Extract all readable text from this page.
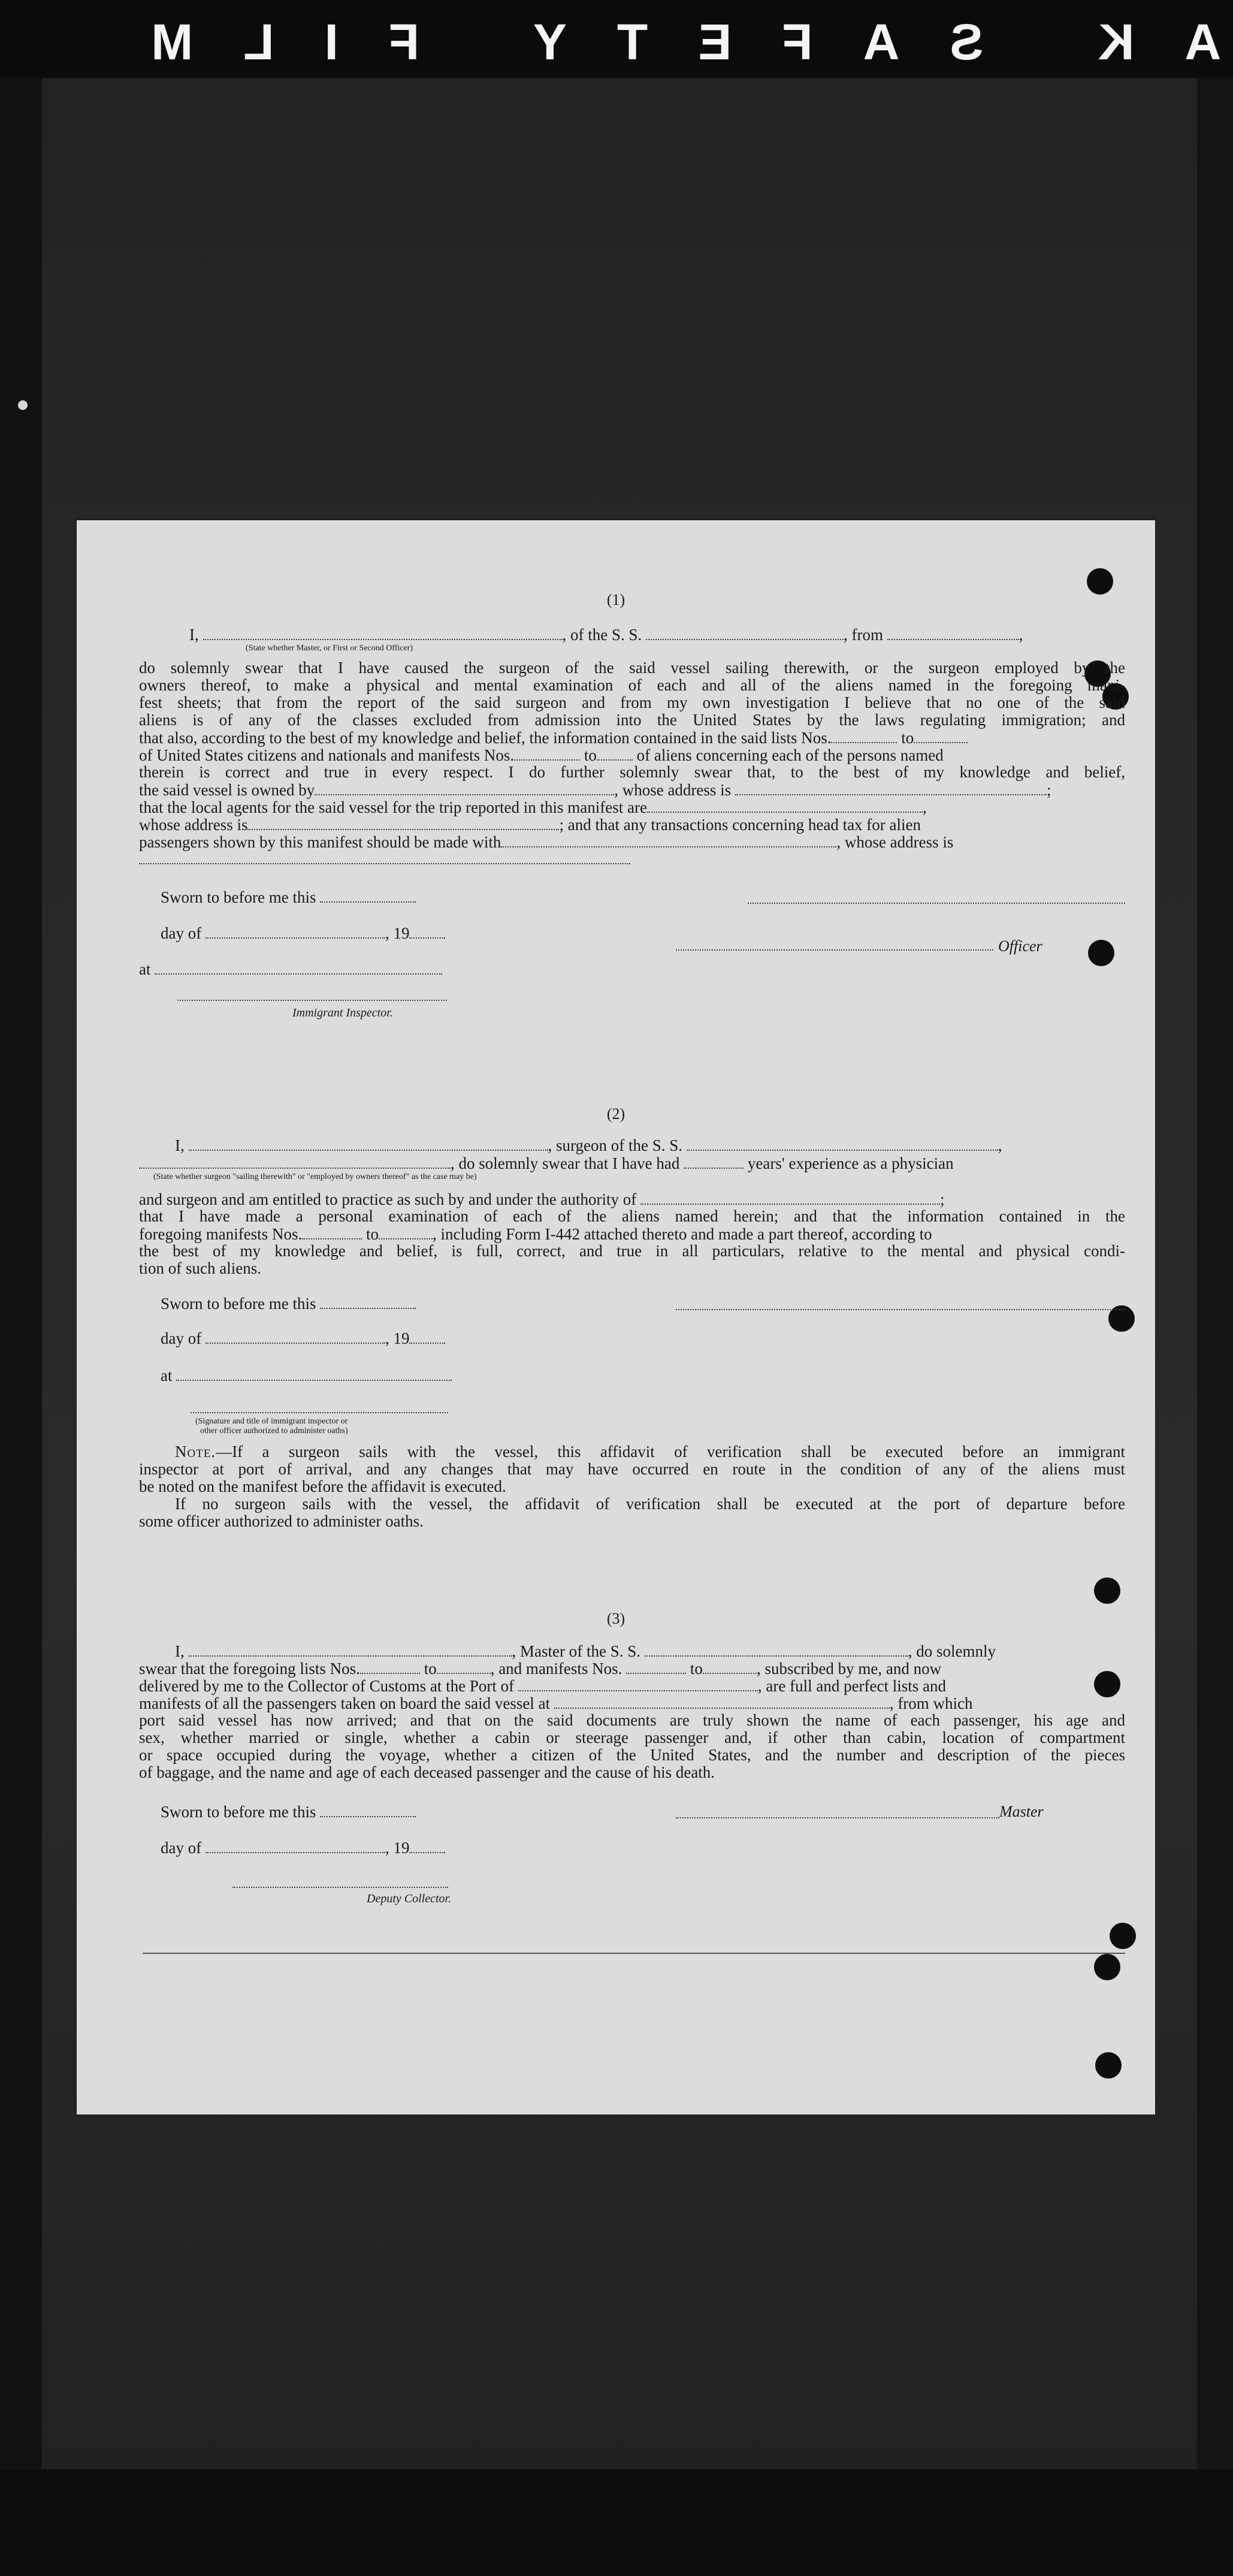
AK SAFETY FILM
(1)
I,	, of the S. S.	, from	,
(State whether Master, or First or Second Officer)
do solemnly swear that I have caused the surgeon of the said vessel sailing therewith, or the surgeon employed by the
owners thereof, to make a physical and mental examination of each and all of the aliens named in the foregoing mani-
fest sheets; that from the report of the said surgeon and from my own investigation I believe that no one of the said
aliens is of any of the classes excluded from admission into the United States by the laws regulating immigration; and
that also, according to the best of my knowledge and belief, the information contained in the said lists Nos.	to
of United States citizens and nationals and manifests Nos.	to of aliens concerning each of the persons named
therein is correct and true in every respect. I do further solemnly swear that, to the best of my knowledge and belief,
the said vessel is owned by	, whose address is	;
that the local agents for the said vessel for the trip reported in this manifest are	,
whose address is	; and that any transactions concerning head tax for alien
passengers shown by this manifest should be made with	, whose address is
Sworn to before me this
day of	, 19
Officer
at
Immigrant Inspector.
(2)
I,	, surgeon of the S. S.	,
, do solemnly swear that I have had	years' experience as a physician
(State whether surgeon "sailing therewith" or "employed by owners thereof" as the case may be)
and surgeon and am entitled to practice as such by and under the authority of	;
that I have made a personal examination of each of the aliens named herein; and that the information contained in the
foregoing manifests Nos.	to	, including Form I-442 attached thereto and made a part thereof, according to
the best of my knowledge and belief, is full, correct, and true in all particulars, relative to the mental and physical condi-
tion of such aliens.
Sworn to before me this
day of	, 19
at
(Signature and title of immigrant inspector or
other officer authorized to administer oaths)
Note.—If a surgeon sails with the vessel, this affidavit of verification shall be executed before an immigrant
inspector at port of arrival, and any changes that may have occurred en route in the condition of any of the aliens must
be noted on the manifest before the affidavit is executed.
If no surgeon sails with the vessel, the affidavit of verification shall be executed at the port of departure before
some officer authorized to administer oaths.
(3)
I,	, Master of the S. S.	, do solemnly
swear that the foregoing lists Nos.	to	, and manifests Nos.	to	, subscribed by me, and now
delivered by me to the Collector of Customs at the Port of	, are full and perfect lists and
manifests of all the passengers taken on board the said vessel at	, from which
port said vessel has now arrived; and that on the said documents are truly shown the name of each passenger, his age and
sex, whether married or single, whether a cabin or steerage passenger and, if other than cabin, location of compartment
or space occupied during the voyage, whether a citizen of the United States, and the number and description of the pieces
of baggage, and the name and age of each deceased passenger and the cause of his death.
Sworn to before me this	Master
day of	, 19
Deputy Collector.
